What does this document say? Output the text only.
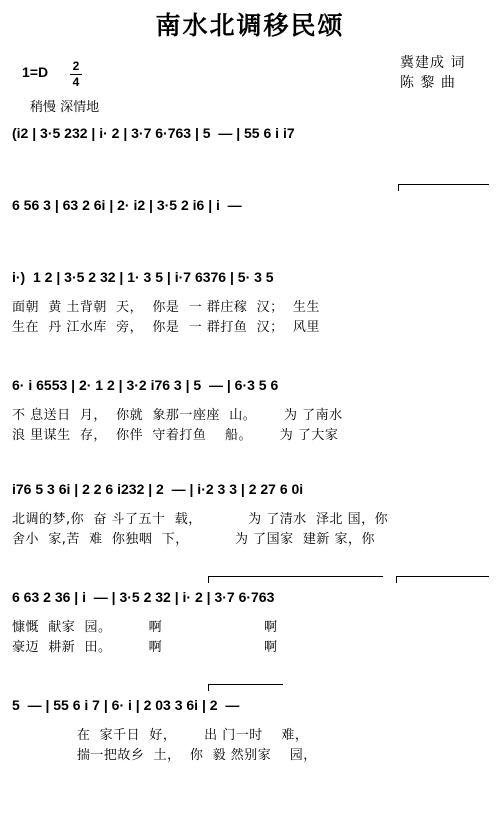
南水北调移民颂
1=D 2
4
稍慢 深情地
冀建成 词
陈 黎 曲
(i2 | 3·5 232 | i· 2 | 3·7 6·763 | 5  — | 55 6 i i7
6 56 3 | 63 2 6i | 2· i2 | 3·5 2 i6 | i  —
i·)  1 2 | 3·5 2 32 | 1· 3 5 | i·7 6376 | 5· 3 5
面朝  黄 土背朝  天，  你是  一 群庄稼  汉；  生生
生在  丹 江水库  旁，  你是  一 群打鱼  汉；  风里
6· i 6553 | 2· 1 2 | 3·2 i76 3 | 5  — | 6·3 5 6
不 息送日  月，  你就  象那一座座  山。      为 了南水
浪 里谋生  存，  你伴  守着打鱼    船。      为 了大家
i76 5 3 6i | 2 2 6 i232 | 2  — | i·2 3 3 | 2 27 6 0i
北调的梦,你  奋 斗了五十  载，          为 了清水  泽北 国，你
舍小  家,苦  难  你独咽  下，          为 了国家  建新 家，你
6 63 2 36 | i  — | 3·5 2 32 | i· 2 | 3·7 6·763
慷慨  献家  园。        啊                      啊
豪迈  耕新  田。        啊                      啊
5  — | 55 6 i 7 | 6· i | 2 03 3 6i | 2  —
在  家千日  好，      出 门一时    难，
揣一把故乡  土，  你  毅 然别家    园，
